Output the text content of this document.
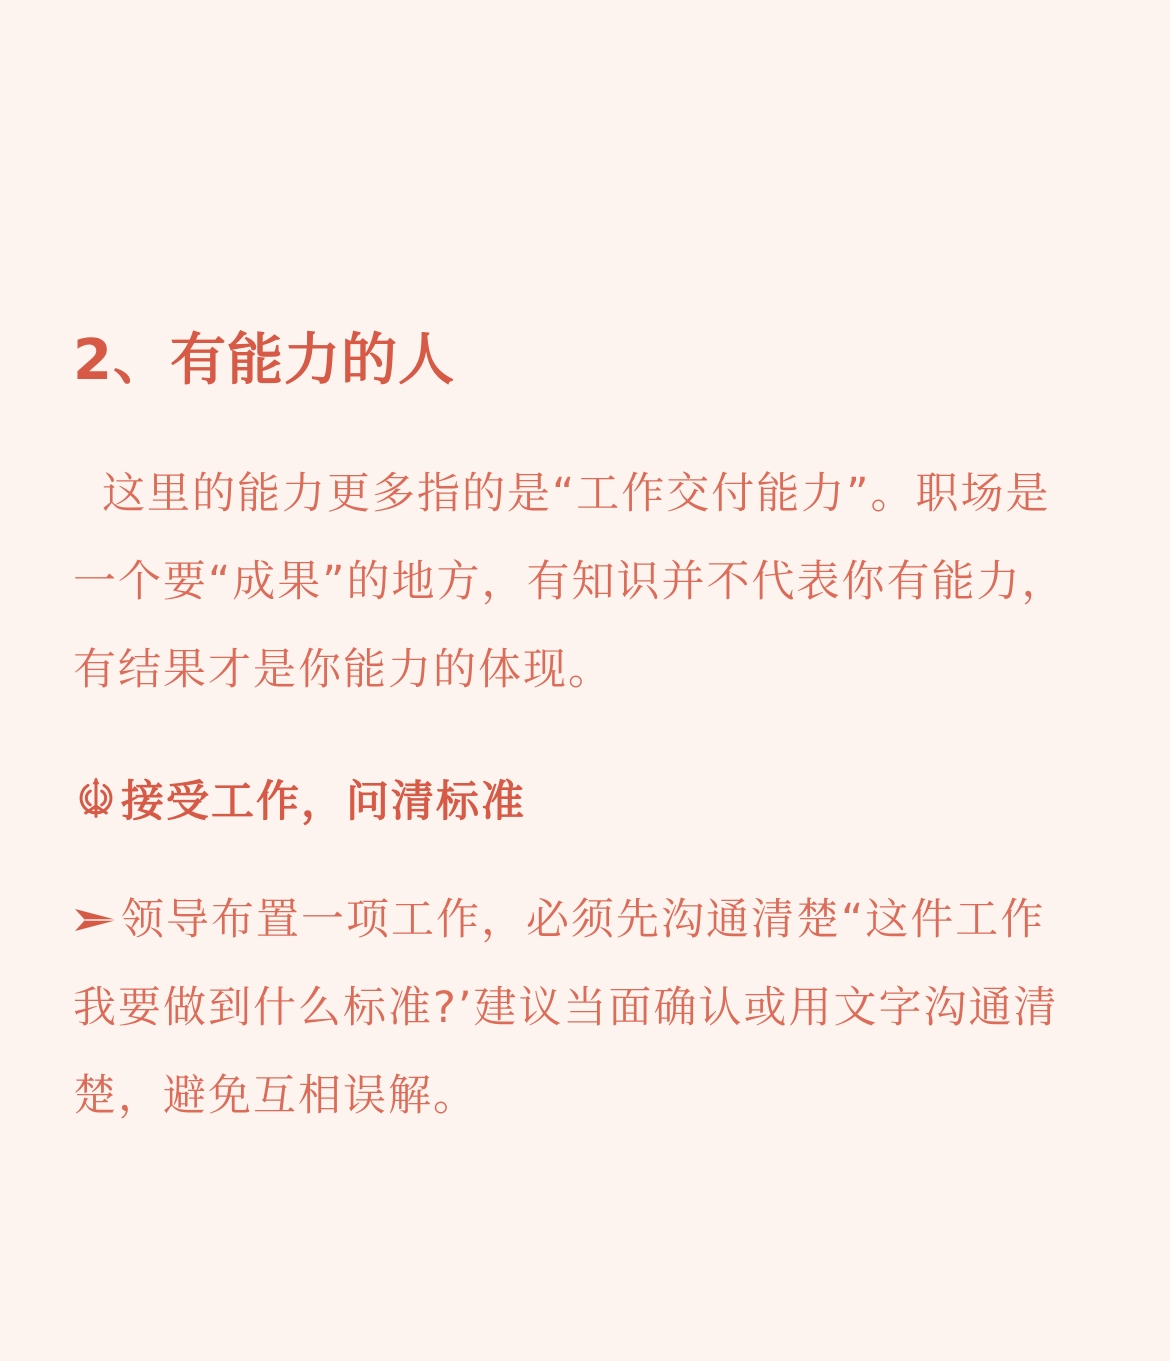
2、有能力的人

这里的能力更多指的是“工作交付能力”。职场是一个要“成果”的地方，有知识并不代表你有能力，有结果才是你能力的体现。

接受工作，问清标准

领导布置一项工作，必须先沟通清楚“这件工作我要做到什么标准?’建议当面确认或用文字沟通清楚，避免互相误解。
